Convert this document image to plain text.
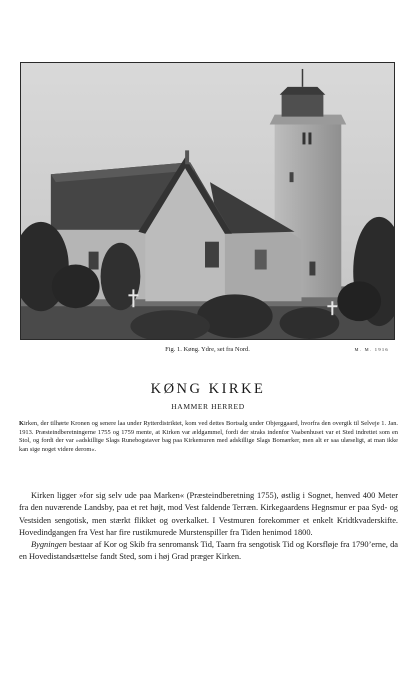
Fig. 1. Køng. Ydre, set fra Nord.	M. M. 1916
KØNG KIRKE
HAMMER HERRED
Kirken, der tilhørte Kronen og senere laa under Rytterdistriktet, kom ved dettes Bortsalg under Objerggaard, hvorfra den overgik til Selveje 1. Jan. 1913. Præsteindberetningerne 1755 og 1759 mente, at Kirken var ældgammel, fordi der straks indenfor Vaabenhuset var et Sted indrettet som en Stol, og fordi der var »adskillige Slags Runebogstaver bag paa Kirkemuren med adskillige Slags Bomærker, men alt er saa ulæseligt, at man ikke kan sige noget videre derom«.

Kirken ligger »for sig selv ude paa Marken« (Præsteindberetning 1755), østlig i Sognet, henved 400 Meter fra den nuværende Landsby, paa et ret højt, mod Vest faldende Terræn. Kirkegaardens Hegnsmur er paa Syd- og Vestsiden sengotisk, men stærkt flikket og overkalket. I Vestmuren forekommer et enkelt Kridtkvaderskifte. Hovedindgangen fra Vest har fire rustikmurede Murstenspiller fra Tiden henimod 1800.

Bygningen bestaar af Kor og Skib fra senromansk Tid, Taarn fra sengotisk Tid og Korsfløje fra 1790’erne, da en Hovedistandsættelse fandt Sted, som i høj Grad præger Kirken.
